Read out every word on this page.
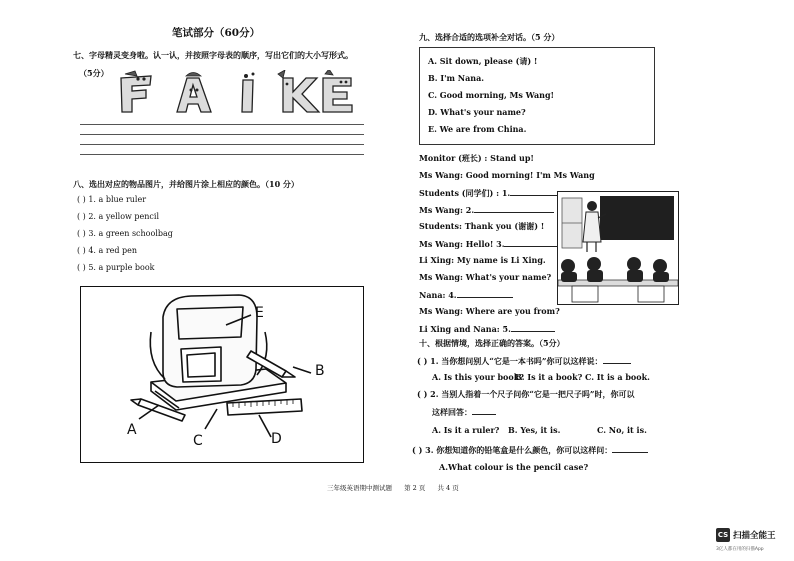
笔试部分（60分）
七、字母精灵变身啦。认一认，并按照字母表的顺序，写出它们的大小写形式。
（5分）
八、选出对应的物品图片，并给图片涂上相应的颜色。（10 分）
( ) 1. a blue ruler
( ) 2. a yellow pencil
( ) 3. a green schoolbag
( ) 4. a red pen
( ) 5. a purple book
E
B
A
C	D
九、选择合适的选项补全对话。（5 分）
A. Sit down, please (请) !
B. I'm Nana.
C. Good morning, Ms Wang!
D. What's your name?
E. We are from China.
Monitor (班长) : Stand up!
Ms Wang: Good morning! I'm Ms Wang
Students (同学们) : 1.
Ms Wang: 2.
Students: Thank you (谢谢) !
Ms Wang: Hello! 3.
Li Xing: My name is Li Xing.
Ms Wang: What's your name?
Nana: 4.
Ms Wang: Where are you from?
Li Xing and Nana: 5.
十、根据情境，选择正确的答案。（5分）
( ) 1. 当你想问别人“它是一本书吗”你可以这样说：
A. Is this your book?
B. Is it a book? C. It is a book.
( ) 2. 当别人指着一个尺子问你“它是一把尺子吗”时，你可以
这样回答：
A. Is it a ruler? B. Yes, it is.	C. No, it is.
( ) 3. 你想知道你的铅笔盒是什么颜色，你可以这样问：
A.What colour is the pencil case?
三年级英语期中测试题 第 2 页 共 4 页
CS 扫描全能王
3亿人都在用的扫描App
